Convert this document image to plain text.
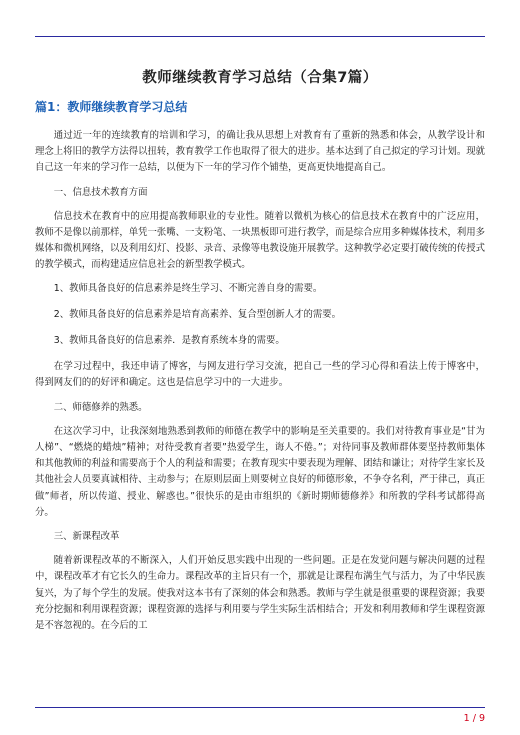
教师继续教育学习总结（合集7篇）
篇1：教师继续教育学习总结

通过近一年的连续教育的培训和学习，的确让我从思想上对教育有了重新的熟悉和体会，从教学设计和理念上将旧的教学方法得以扭转，教育教学工作也取得了很大的进步。基本达到了自己拟定的学习计划。现就自己这一年来的学习作一总结，以便为下一年的学习作个铺垫，更高更快地提高自己。

一、信息技术教育方面

信息技术在教育中的应用提高教师职业的专业性。随着以微机为核心的信息技术在教育中的广泛应用，教师不是像以前那样，单凭一张嘴、一支粉笔、一块黑板即可进行教学，而是综合应用多种媒体技术，利用多媒体和微机网络，以及利用幻灯、投影、录音、录像等电教设施开展教学。这种教学必定要打破传统的传授式的教学模式，而构建适应信息社会的新型教学模式。

1、教师具备良好的信息素养是终生学习、不断完善自身的需要。

2、教师具备良好的信息素养是培育高素养、复合型创新人才的需要。

3、教师具备良好的信息素养．是教育系统本身的需要。

在学习过程中，我还申请了博客，与网友进行学习交流，把自己一些的学习心得和看法上传于博客中，得到网友们的的好评和确定。这也是信息学习中的一大进步。

二、师德修养的熟悉。

在这次学习中，让我深刻地熟悉到教师的师德在教学中的影响是至关重要的。我们对待教育事业是“甘为人梯”、“燃烧的蜡烛”精神；对待受教育者要”热爱学生，诲人不倦。”；对待同事及教师群体要坚持教师集体和其他教师的利益和需要高于个人的利益和需要；在教育现实中要表现为理解、团结和谦让；对待学生家长及其他社会人员要真诚相待、主动参与；在原则层面上则要树立良好的师德形象，不争夺名利，严于律己，真正做”师者，所以传道、授业、解惑也。”很快乐的是由市组织的《新时期师德修养》和所教的学科考试都得高分。

三、新课程改革

随着新课程改革的不断深入，人们开始反思实践中出现的一些问题。正是在发觉问题与解决问题的过程中，课程改革才有它长久的生命力。课程改革的主旨只有一个，那就是让课程布满生气与活力，为了中华民族复兴，为了每个学生的发展。使我对这本书有了深刻的体会和熟悉。教师与学生就是很重要的课程资源；我要充分挖掘和利用课程资源；课程资源的选择与利用要与学生实际生活相结合；开发和利用教师和学生课程资源是不容忽视的。在今后的工

1 / 9
